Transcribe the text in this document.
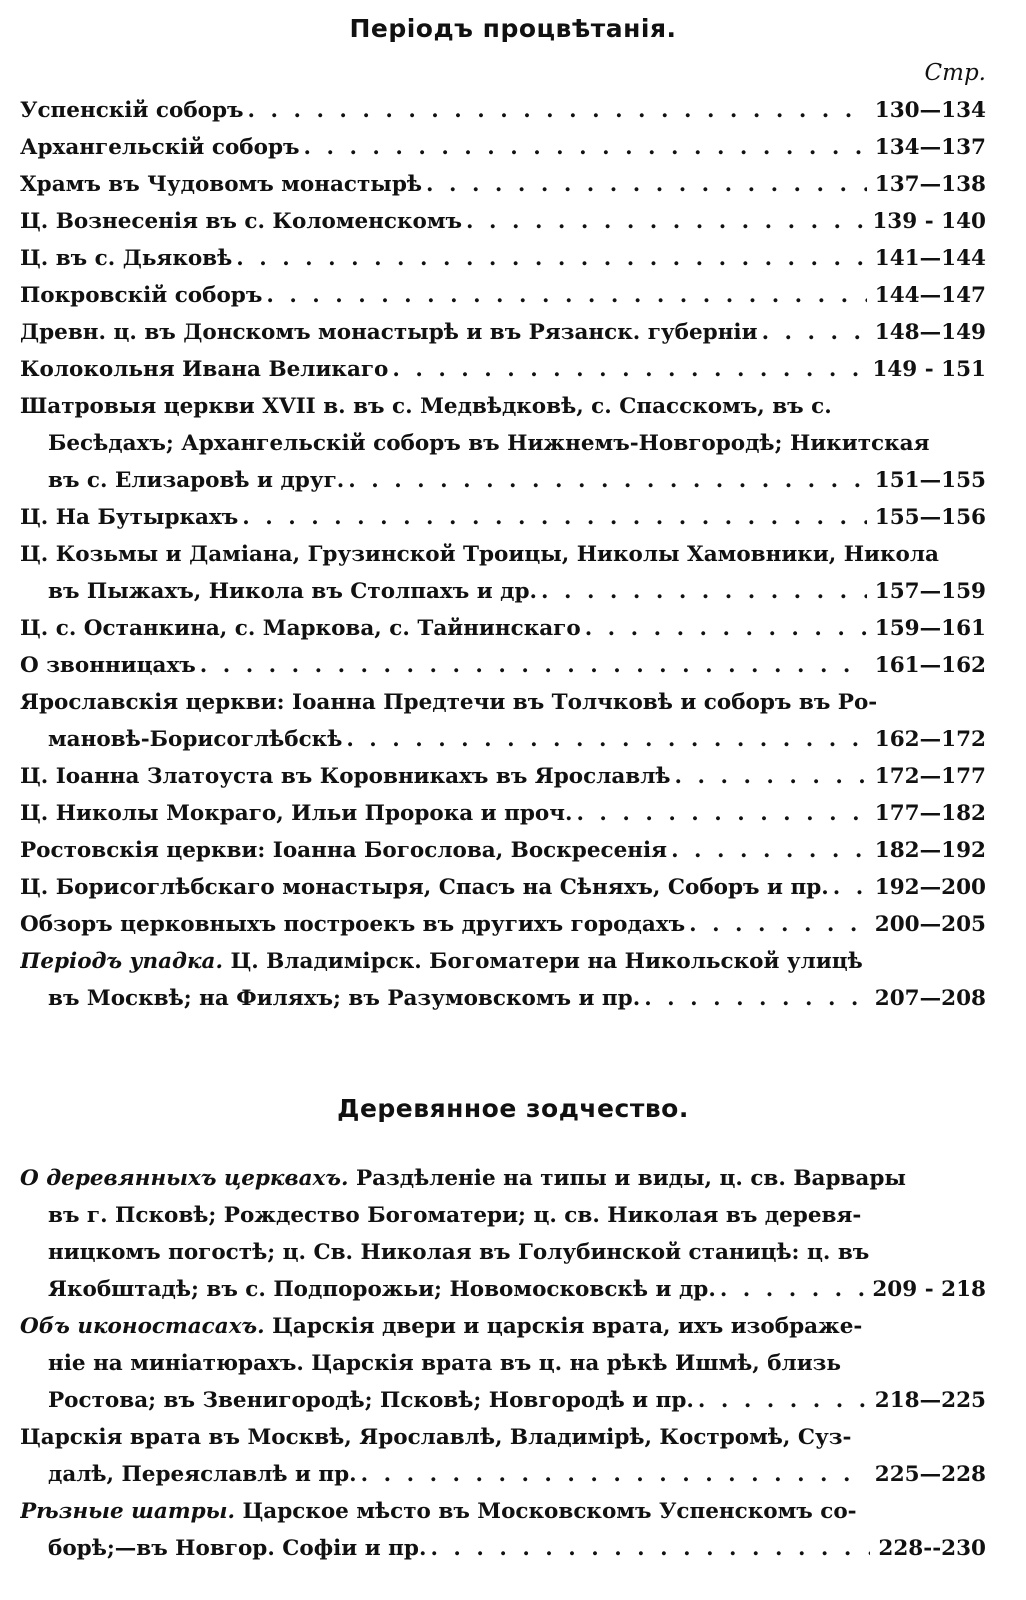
Періодъ процвѣтанія.
Стр.
Успенскій соборъ . . .	130—134
Архангельскій соборъ . . .	134—137
Храмъ въ Чудовомъ монастырѣ . . .	137—138
Ц. Вознесенія въ с. Коломенскомъ . . .	139 - 140
Ц. въ с. Дьяковѣ . . .	141—144
Покровскій соборъ . . .	144—147
Древн. ц. въ Донскомъ монастырѣ и въ Рязанск. губерніи . . .	148—149
Колокольня Ивана Великаго . . .	149 - 151
Шатровыя церкви XVII в. въ с. Медвѣдковѣ, с. Спасскомъ, въ с.
Бесѣдахъ; Архангельскій соборъ въ Нижнемъ-Новгородѣ; Никитская
въ с. Елизаровѣ и друг. . . .	151—155
Ц. На Бутыркахъ . . .	155—156
Ц. Козьмы и Даміана, Грузинской Троицы, Николы Хамовники, Никола
въ Пыжахъ, Никола въ Столпахъ и др. . . .	157—159
Ц. с. Останкина, с. Маркова, с. Тайнинскаго . . .	159—161
О звонницахъ . . .	161—162
Ярославскія церкви: Іоанна Предтечи въ Толчковѣ и соборъ въ Ро-
мановѣ-Борисоглѣбскѣ . . .	162—172
Ц. Іоанна Златоуста въ Коровникахъ въ Ярославлѣ . . .	172—177
Ц. Николы Мокраго, Ильи Пророка и проч. . . .	177—182
Ростовскія церкви: Іоанна Богослова, Воскресенія . . .	182—192
Ц. Борисоглѣбскаго монастыря, Спасъ на Сѣняхъ, Соборъ и пр. . . .	192—200
Обзоръ церковныхъ построекъ въ другихъ городахъ . . .	200—205
Періодъ упадка. Ц. Владимірск. Богоматери на Никольской улицѣ
въ Москвѣ; на Филяхъ; въ Разумовскомъ и пр. . . .	207—208
Деревянное зодчество.
О деревянныхъ церквахъ. Раздѣленіе на типы и виды, ц. св. Варвары
въ г. Псковѣ; Рождество Богоматери; ц. св. Николая въ деревя-
ницкомъ погостѣ; ц. Св. Николая въ Голубинской станицѣ: ц. въ
Якобштадѣ; въ с. Подпорожьи; Новомосковскѣ и др. . . .	209 - 218
Объ иконостасахъ. Царскія двери и царскія врата, ихъ изображе-
ніе на миніатюрахъ. Царскія врата въ ц. на рѣкѣ Ишмѣ, близь
Ростова; въ Звенигородѣ; Псковѣ; Новгородѣ и пр. . . .	218—225
Царскія врата въ Москвѣ, Ярославлѣ, Владимірѣ, Костромѣ, Суз-
далѣ, Переяславлѣ и пр. . . .	225—228
Рѣзные шатры. Царское мѣсто въ Московскомъ Успенскомъ со-
борѣ;—въ Новгор. Софіи и пр. . . .	228--230
